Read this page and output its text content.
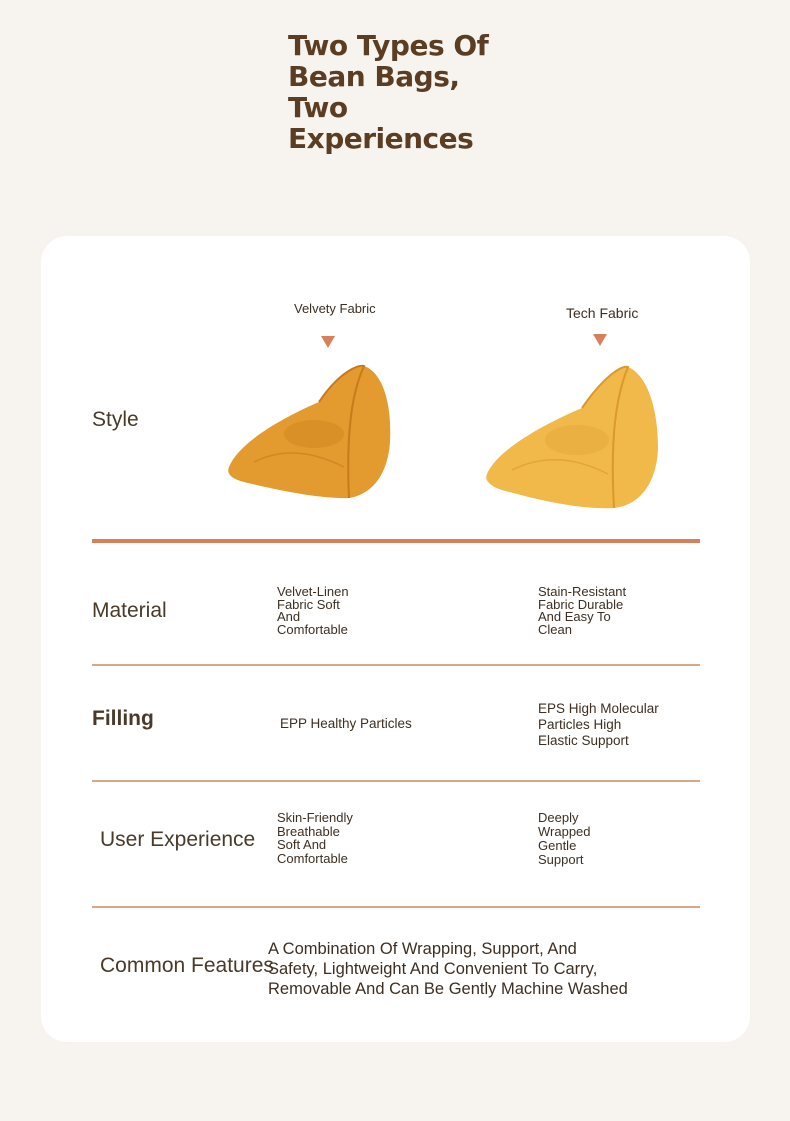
Two Types Of
Bean Bags,
Two
Experiences
Style
Velvety Fabric	Tech Fabric
Material
Velvet-Linen
Fabric Soft
And
Comfortable
Stain-Resistant
Fabric Durable
And Easy To
Clean
Filling	EPP Healthy Particles
EPS High Molecular
Particles High
Elastic Support
User Experience
Skin-Friendly
Breathable
Soft And
Comfortable
Deeply
Wrapped
Gentle
Support
Common Features
A Combination Of Wrapping, Support, And
Safety, Lightweight And Convenient To Carry,
Removable And Can Be Gently Machine Washed
